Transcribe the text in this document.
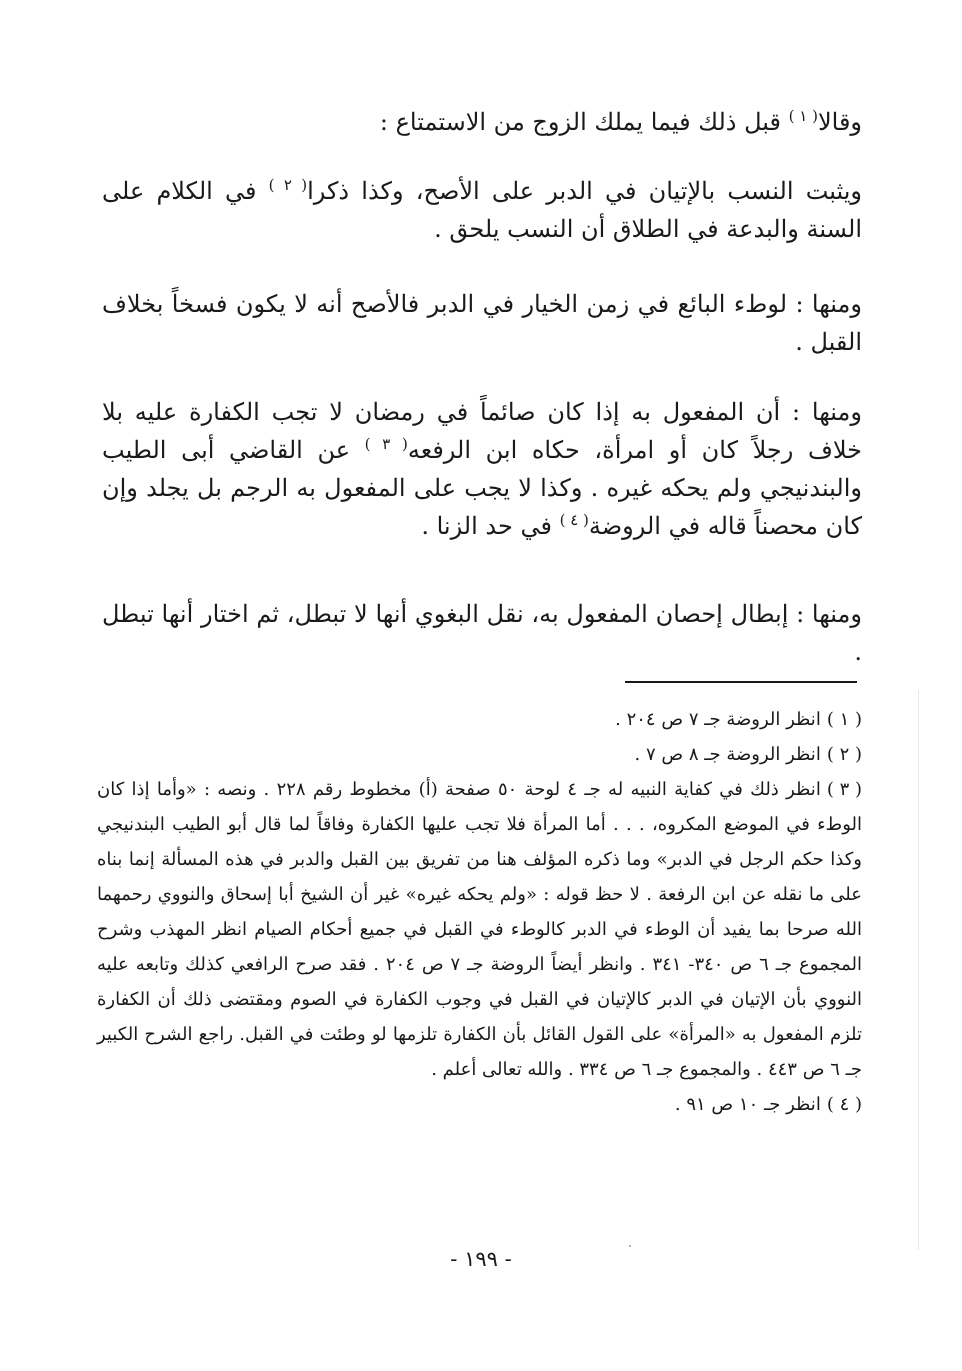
وقالا$^{( ١ )}$ قبل ذلك فيما يملك الزوج من الاستمتاع :

ويثبت النسب بالإتيان في الدبر على الأصح، وكذا ذكرا$^{( ٢ )}$ في الكلام على السنة والبدعة في الطلاق أن النسب يلحق .

ومنها : لوطء البائع في زمن الخيار في الدبر فالأصح أنه لا يكون فسخاً بخلاف القبل .

ومنها : أن المفعول به إذا كان صائماً في رمضان لا تجب الكفارة عليه بلا خلاف رجلاً كان أو امرأة، حكاه ابن الرفعه$^{( ٣ )}$ عن القاضي أبى الطيب والبندنيجي ولم يحكه غيره . وكذا لا يجب على المفعول به الرجم بل يجلد وإن كان محصناً قاله في الروضة$^{( ٤ )}$ في حد الزنا .

ومنها : إبطال إحصان المفعول به، نقل البغوي أنها لا تبطل، ثم اختار أنها تبطل .

( ١ )انظر الروضة جـ ٧ ص ٢٠٤ .

( ٢ )انظر الروضة جـ ٨ ص ٧ .

( ٣ )انظر ذلك في كفاية النبيه له جـ ٤ لوحة ٥٠ صفحة (أ) مخطوط رقم ٢٢٨ . ونصه : «وأما إذا كان الوطء في الموضع المكروه، . . . أما المرأة فلا تجب عليها الكفارة وفاقاً لما قال أبو الطيب البندنيجي وكذا حكم الرجل في الدبر» وما ذكره المؤلف هنا من تفريق بين القبل والدبر في هذه المسألة إنما بناه على ما نقله عن ابن الرفعة . لا حظ قوله : «ولم يحكه غيره» غير أن الشيخ أبا إسحاق والنووي رحمهما الله صرحا بما يفيد أن الوطء في الدبر كالوطء في القبل في جميع أحكام الصيام انظر المهذب وشرح المجموع جـ ٦ ص ٣٤٠- ٣٤١ . وانظر أيضاً الروضة جـ ٧ ص ٢٠٤ . فقد صرح الرافعي كذلك وتابعه عليه النووي بأن الإتيان في الدبر كالإتيان في القبل في وجوب الكفارة في الصوم ومقتضى ذلك أن الكفارة تلزم المفعول به «المرأة» على القول القائل بأن الكفارة تلزمها لو وطئت في القبل. راجع الشرح الكبير جـ ٦ ص ٤٤٣ . والمجموع جـ ٦ ص ٣٣٤ . والله تعالى أعلم .

( ٤ )انظر جـ ١٠ ص ٩١ .

- ١٩٩ -
